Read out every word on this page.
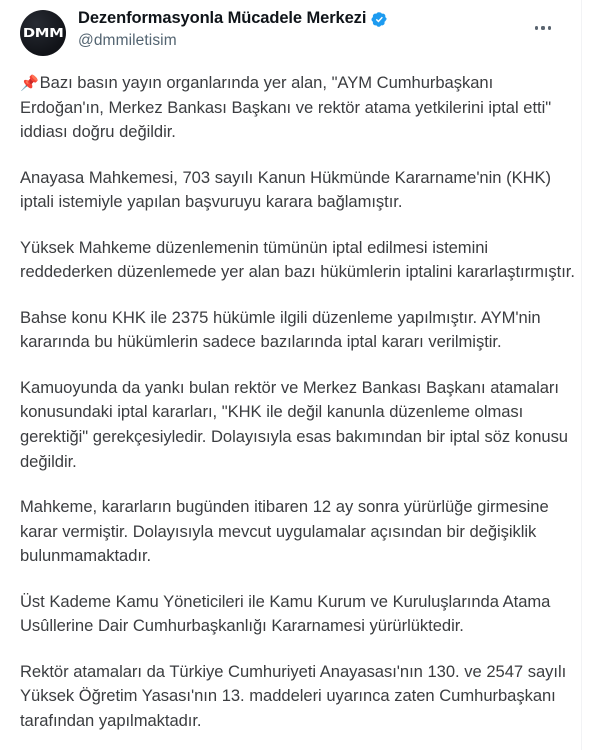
DMM
Dezenformasyonla Mücadele Merkezi
@dmmiletisim

📌Bazı basın yayın organlarında yer alan, "AYM Cumhurbaşkanı Erdoğan'ın, Merkez Bankası Başkanı ve rektör atama yetkilerini iptal etti" iddiası doğru değildir.

Anayasa Mahkemesi, 703 sayılı Kanun Hükmünde Kararname'nin (KHK) iptali istemiyle yapılan başvuruyu karara bağlamıştır.

Yüksek Mahkeme düzenlemenin tümünün iptal edilmesi istemini reddederken düzenlemede yer alan bazı hükümlerin iptalini kararlaştırmıştır.

Bahse konu KHK ile 2375 hükümle ilgili düzenleme yapılmıştır. AYM'nin kararında bu hükümlerin sadece bazılarında iptal kararı verilmiştir.

Kamuoyunda da yankı bulan rektör ve Merkez Bankası Başkanı atamaları konusundaki iptal kararları, "KHK ile değil kanunla düzenleme olması gerektiği" gerekçesiyledir. Dolayısıyla esas bakımından bir iptal söz konusu değildir.

Mahkeme, kararların bugünden itibaren 12 ay sonra yürürlüğe girmesine karar vermiştir. Dolayısıyla mevcut uygulamalar açısından bir değişiklik bulunmamaktadır.

Üst Kademe Kamu Yöneticileri ile Kamu Kurum ve Kuruluşlarında Atama Usûllerine Dair Cumhurbaşkanlığı Kararnamesi yürürlüktedir.

Rektör atamaları da Türkiye Cumhuriyeti Anayasası'nın 130. ve 2547 sayılı Yüksek Öğretim Yasası'nın 13. maddeleri uyarınca zaten Cumhurbaşkanı tarafından yapılmaktadır.
